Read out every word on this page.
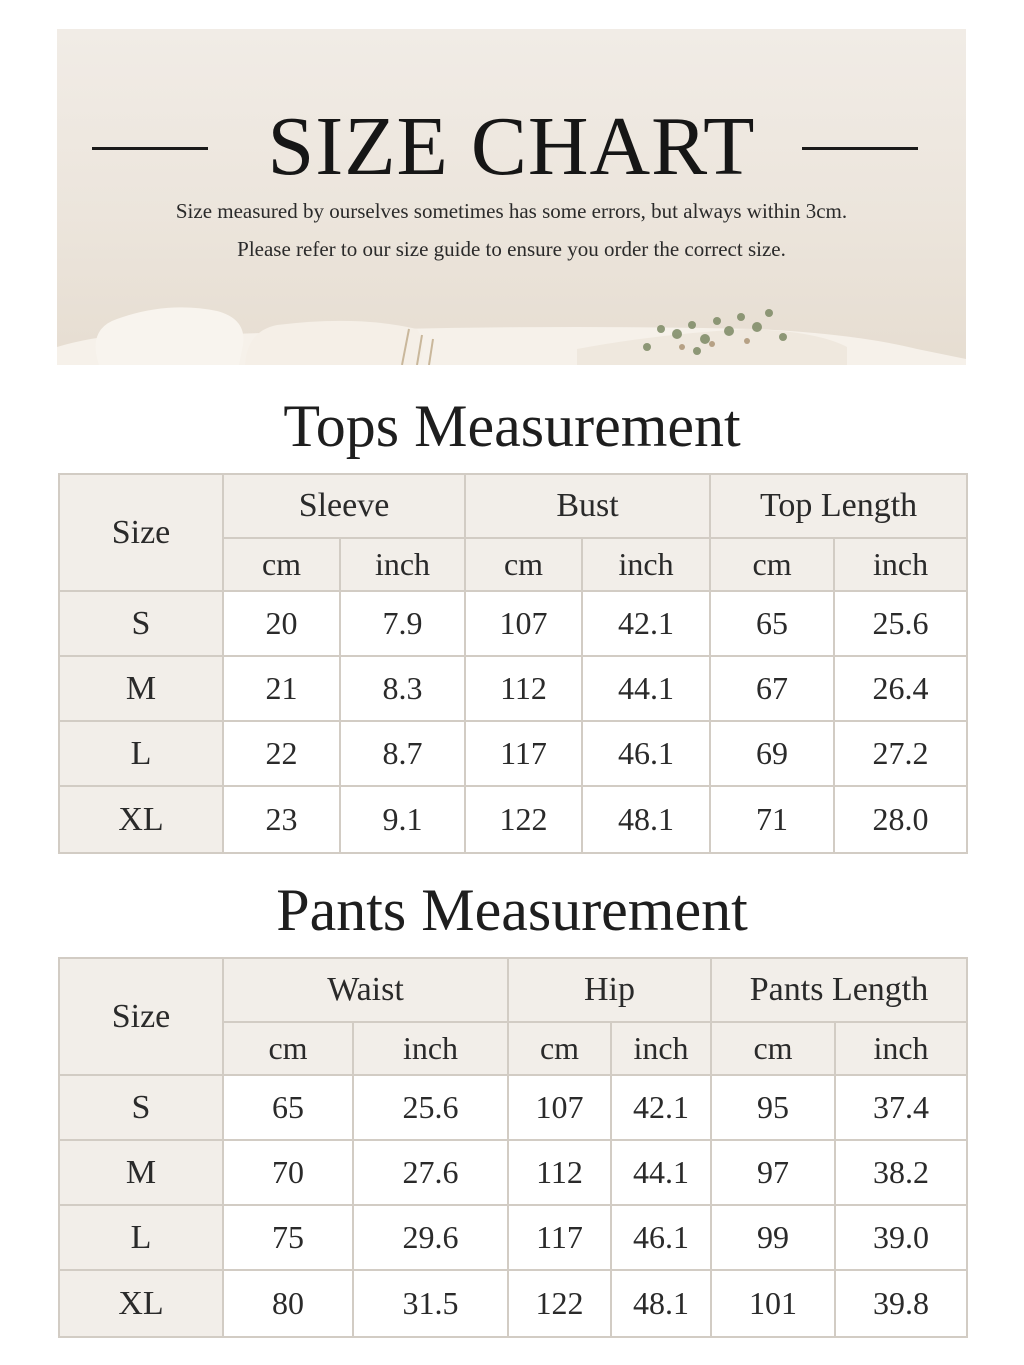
SIZE CHART
Size measured by ourselves sometimes has some errors, but always within 3cm.
Please refer to our size guide to ensure you order the correct size.
Tops Measurement
Size	Sleeve		Bust		Top Length	
	cm	inch	cm	inch	cm	inch
S	20	7.9	107	42.1	65	25.6
M	21	8.3	112	44.1	67	26.4
L	22	8.7	117	46.1	69	27.2
XL	23	9.1	122	48.1	71	28.0
Pants Measurement
Size	Waist		Hip		Pants Length	
	cm	inch	cm	inch	cm	inch
S	65	25.6	107	42.1	95	37.4
M	70	27.6	112	44.1	97	38.2
L	75	29.6	117	46.1	99	39.0
XL	80	31.5	122	48.1	101	39.8
